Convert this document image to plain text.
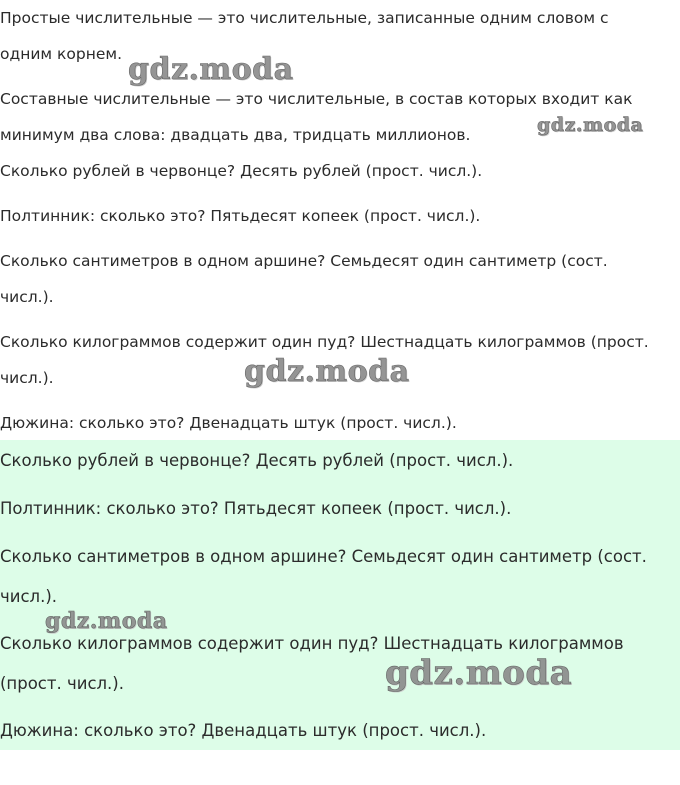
Простые числительные — это числительные, записанные одним словом с

одним корнем.

Составные числительные — это числительные, в состав которых входит как

минимум два слова: двадцать два, тридцать миллионов.

Сколько рублей в червонце? Десять рублей (прост. числ.).

Полтинник: сколько это? Пятьдесят копеек (прост. числ.).

Сколько сантиметров в одном аршине? Семьдесят один сантиметр (сост.

числ.).

Сколько килограммов содержит один пуд? Шестнадцать килограммов (прост.

числ.).

Дюжина: сколько это? Двенадцать штук (прост. числ.).

Сколько рублей в червонце? Десять рублей (прост. числ.).

Полтинник: сколько это? Пятьдесят копеек (прост. числ.).

Сколько сантиметров в одном аршине? Семьдесят один сантиметр (сост.

числ.).

Сколько килограммов содержит один пуд? Шестнадцать килограммов

(прост. числ.).

Дюжина: сколько это? Двенадцать штук (прост. числ.).

gdz.moda
gdz.moda
gdz.moda
gdz.moda
gdz.moda
